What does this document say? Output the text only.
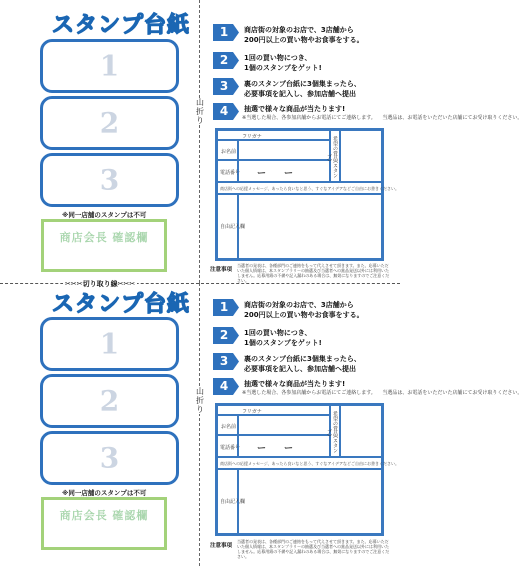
スタンプ台紙
1
2
3
※同一店舗のスタンプは不可
商店会長 確認欄
山
折
り
1	商店街の対象のお店で、3店舗から
200円以上の買い物やお食事をする。
2	1回の買い物につき、
1個のスタンプをゲット!
3	裏のスタンプ台紙に3個集まったら、
必要事項を記入し、参加店舗へ提出
4	抽選で様々な商品が当たります!
※当選した場合、各参加店舗からお電話にてご連絡します。 　当選品は、お電話をいただいた店舗にてお受け取りください。
フリガナ
お名前
電話番号 ー　　ー	希望の賞品(スタンプ)
商店街への応援メッセージ、あったら良いなと思う、すぐなアイデアなどご自由にお書きください。
自由記入欄
注意事項
当選者の発表は、各種部門のご連絡をもって代えさせて頂きます。また、応募いただいた個人情報は、本スタンプラリーの抽選及び当選者への賞品発送以外には利用いたしません。応募用紙の不備や記入漏れのある場合は、無効になりますのでご注意ください。
✂✂✂切り取り線✂✂✂
スタンプ台紙
1
2
3
※同一店舗のスタンプは不可
商店会長 確認欄
山
折
り
1	商店街の対象のお店で、3店舗から
200円以上の買い物やお食事をする。
2	1回の買い物につき、
1個のスタンプをゲット!
3	裏のスタンプ台紙に3個集まったら、
必要事項を記入し、参加店舗へ提出
4	抽選で様々な商品が当たります!
※当選した場合、各参加店舗からお電話にてご連絡します。 　当選品は、お電話をいただいた店舗にてお受け取りください。
フリガナ
お名前
電話番号 ー　　ー	希望の賞品(スタンプ)
商店街への応援メッセージ、あったら良いなと思う、すぐなアイデアなどご自由にお書きください。
自由記入欄
注意事項
当選者の発表は、各種部門のご連絡をもって代えさせて頂きます。また、応募いただいた個人情報は、本スタンプラリーの抽選及び当選者への賞品発送以外には利用いたしません。応募用紙の不備や記入漏れのある場合は、無効になりますのでご注意ください。
